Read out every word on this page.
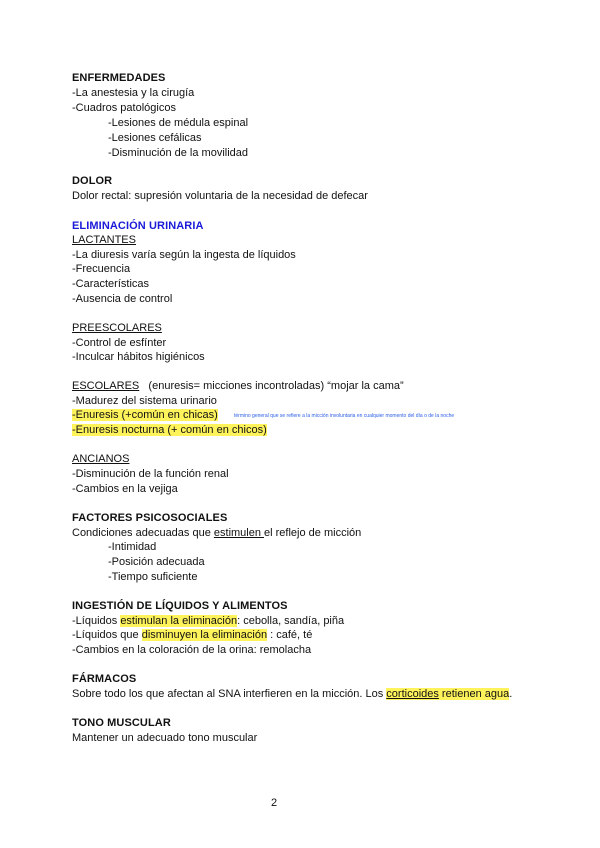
ENFERMEDADES
-La anestesia y la cirugía
-Cuadros patológicos
-Lesiones de médula espinal
-Lesiones cefálicas
-Disminución de la movilidad
DOLOR
Dolor rectal: supresión voluntaria de la necesidad de defecar
ELIMINACIÓN URINARIA
LACTANTES
-La diuresis varía según la ingesta de líquidos
-Frecuencia
-Características
-Ausencia de control
PREESCOLARES
-Control de esfínter
-Inculcar hábitos higiénicos
ESCOLARES (enuresis= micciones incontroladas) “mojar la cama”
-Madurez del sistema urinario
-Enuresis (+común en chicas)	término general que se refiere a la micción involuntaria en cualquier momento del día o de la noche
-Enuresis nocturna (+ común en chicos)
ANCIANOS
-Disminución de la función renal
-Cambios en la vejiga
FACTORES PSICOSOCIALES
Condiciones adecuadas que estimulen el reflejo de micción
-Intimidad
-Posición adecuada
-Tiempo suficiente
INGESTIÓN DE LÍQUIDOS Y ALIMENTOS
-Líquidos estimulan la eliminación: cebolla, sandía, piña
-Líquidos que disminuyen la eliminación : café, té
-Cambios en la coloración de la orina: remolacha
FÁRMACOS
Sobre todo los que afectan al SNA interfieren en la micción. Los corticoides retienen agua.
TONO MUSCULAR
Mantener un adecuado tono muscular
2
